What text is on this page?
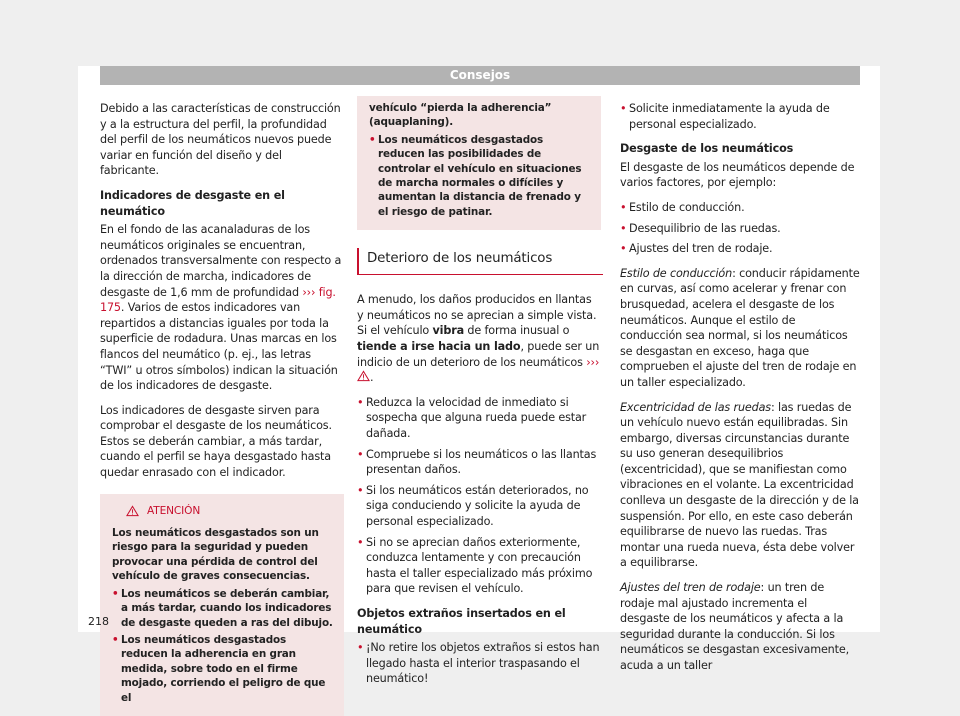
Consejos

Debido a las características de construcción y a la estructura del perfil, la profundidad del perfil de los neumáticos nuevos puede variar en función del diseño y del fabricante.

Indicadores de desgaste en el neumático

En el fondo de las acanaladuras de los neumáticos originales se encuentran, ordenados transversalmente con respecto a la dirección de marcha, indicadores de desgaste de 1,6 mm de profundidad ››› fig. 175. Varios de estos indicadores van repartidos a distancias iguales por toda la superficie de rodadura. Unas marcas en los flancos del neumático (p. ej., las letras “TWI” u otros símbolos) indican la situación de los indicadores de desgaste.

Los indicadores de desgaste sirven para comprobar el desgaste de los neumáticos. Estos se deberán cambiar, a más tardar, cuando el perfil se haya desgastado hasta quedar enrasado con el indicador.

ATENCIÓN

Los neumáticos desgastados son un riesgo para la seguridad y pueden provocar una pérdida de control del vehículo de graves consecuencias.

• Los neumáticos se deberán cambiar, a más tardar, cuando los indicadores de desgaste queden a ras del dibujo.
• Los neumáticos desgastados reducen la adherencia en gran medida, sobre todo en el firme mojado, corriendo el peligro de que el

vehículo “pierda la adherencia” (aquaplaning).

• Los neumáticos desgastados reducen las posibilidades de controlar el vehículo en situaciones de marcha normales o difíciles y aumentan la distancia de frenado y el riesgo de patinar.
Deterioro de los neumáticos

A menudo, los daños producidos en llantas y neumáticos no se aprecian a simple vista. Si el vehículo vibra de forma inusual o tiende a irse hacia un lado, puede ser un indicio de un deterioro de los neumáticos ››› .

• Reduzca la velocidad de inmediato si sospecha que alguna rueda puede estar dañada.
• Compruebe si los neumáticos o las llantas presentan daños.
• Si los neumáticos están deteriorados, no siga conduciendo y solicite la ayuda de personal especializado.
• Si no se aprecian daños exteriormente, conduzca lentamente y con precaución hasta el taller especializado más próximo para que revisen el vehículo.

Objetos extraños insertados en el neumático

• ¡No retire los objetos extraños si estos han llegado hasta el interior traspasando el neumático!
• Solicite inmediatamente la ayuda de personal especializado.

Desgaste de los neumáticos

El desgaste de los neumáticos depende de varios factores, por ejemplo:

• Estilo de conducción.
• Desequilibrio de las ruedas.
• Ajustes del tren de rodaje.

Estilo de conducción: conducir rápidamente en curvas, así como acelerar y frenar con brusquedad, acelera el desgaste de los neumáticos. Aunque el estilo de conducción sea normal, si los neumáticos se desgastan en exceso, haga que comprueben el ajuste del tren de rodaje en un taller especializado.

Excentricidad de las ruedas: las ruedas de un vehículo nuevo están equilibradas. Sin embargo, diversas circunstancias durante su uso generan desequilibrios (excentricidad), que se manifiestan como vibraciones en el volante. La excentricidad conlleva un desgaste de la dirección y de la suspensión. Por ello, en este caso deberán equilibrarse de nuevo las ruedas. Tras montar una rueda nueva, ésta debe volver a equilibrarse.

Ajustes del tren de rodaje: un tren de rodaje mal ajustado incrementa el desgaste de los neumáticos y afecta a la seguridad durante la conducción. Si los neumáticos se desgastan excesivamente, acuda a un taller

218
